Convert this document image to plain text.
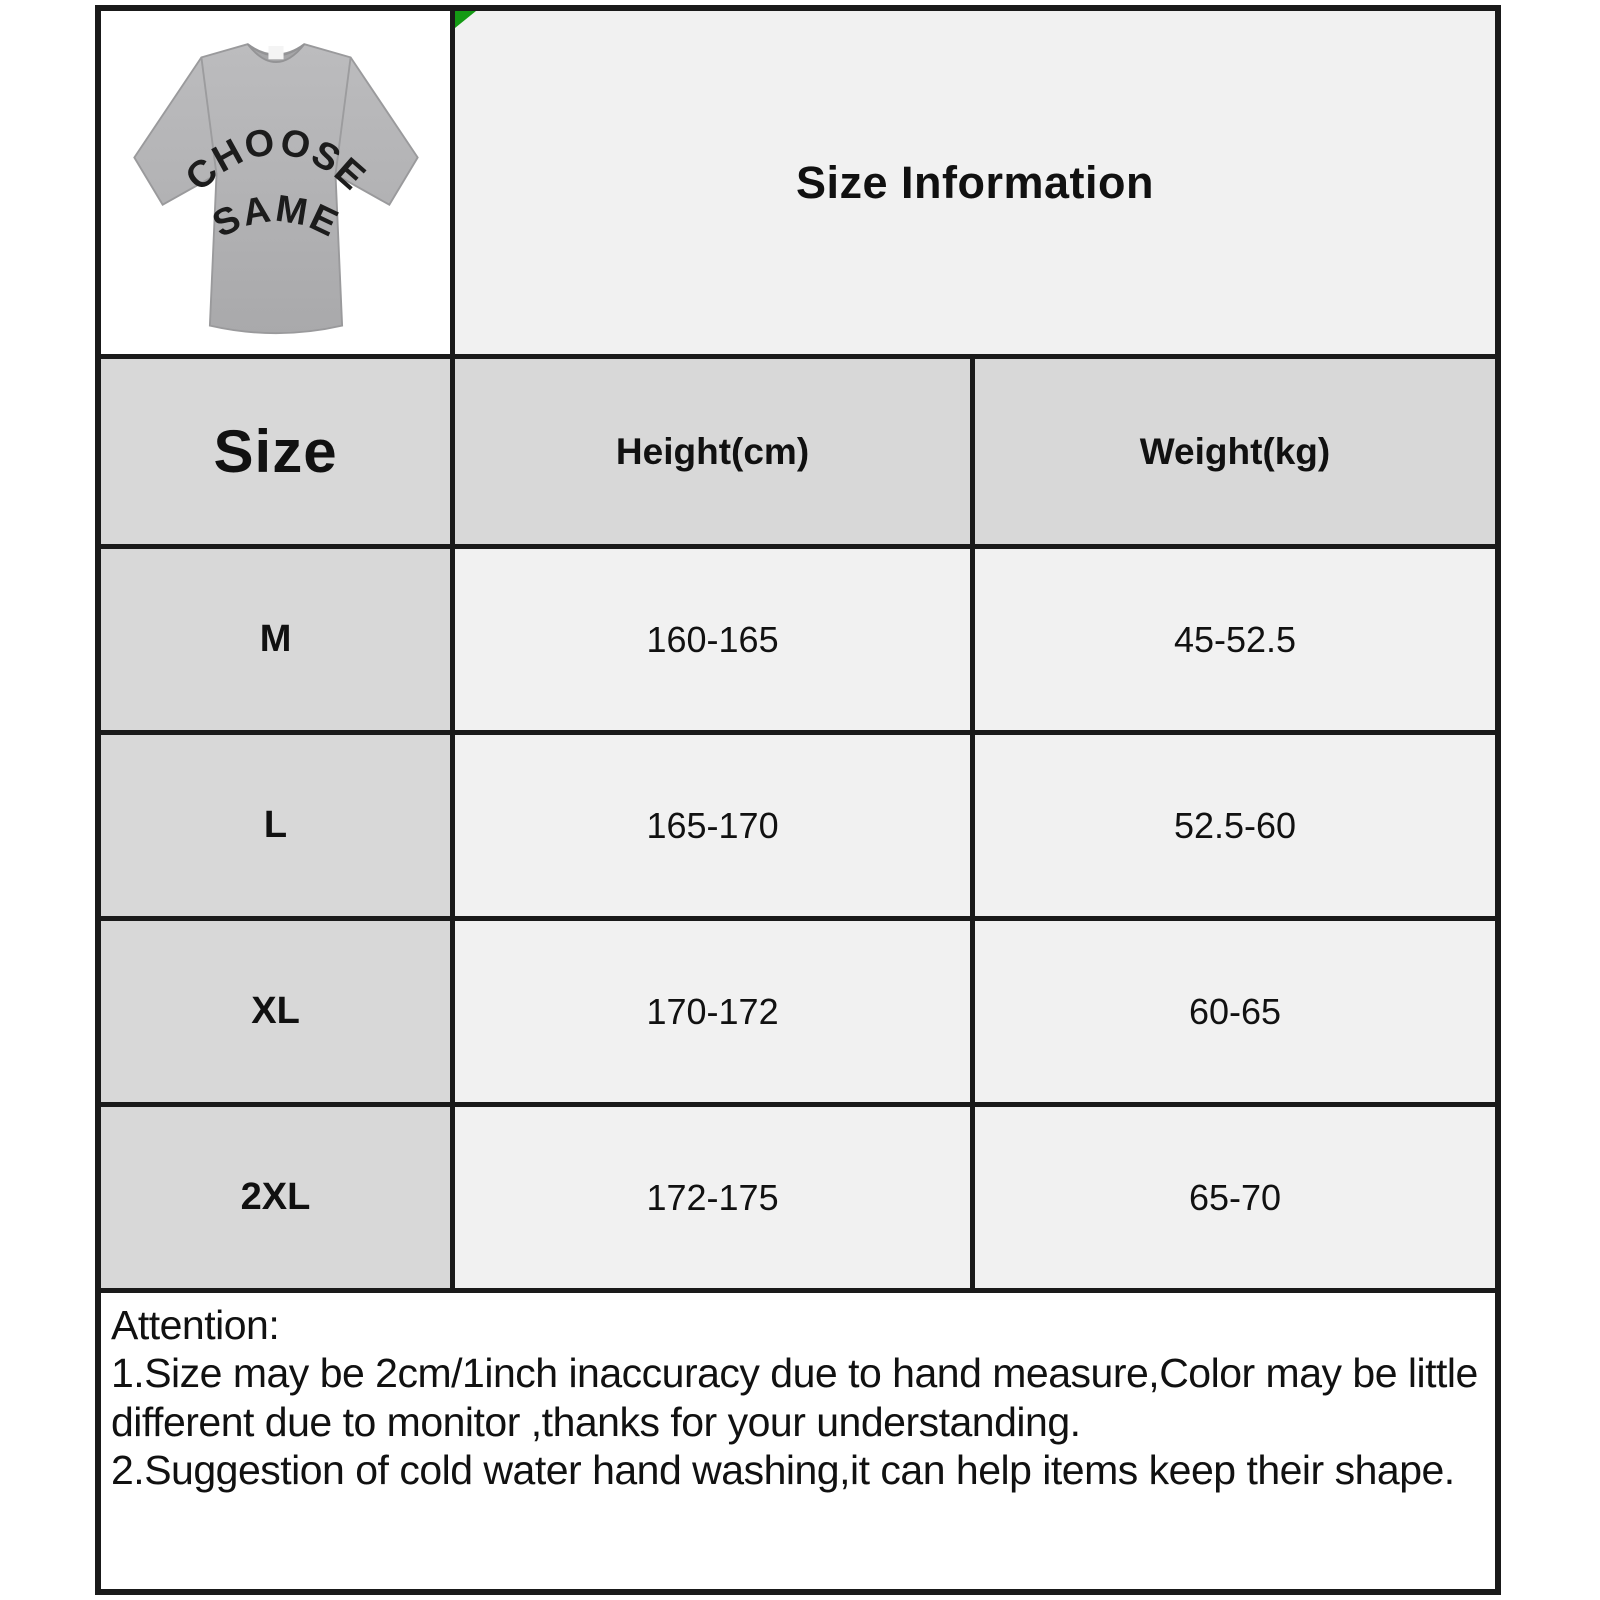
CHOOSE
SAME
Size Information
Size	Height(cm)	Weight(kg)
M	160-165	45-52.5
L	165-170	52.5-60
XL	170-172	60-65
2XL	172-175	65-70

Attention:

1.Size may be 2cm/1inch inaccuracy due to hand measure,Color may be little different due to monitor ,thanks for your understanding.

2.Suggestion of cold water hand washing,it can help items keep their shape.
